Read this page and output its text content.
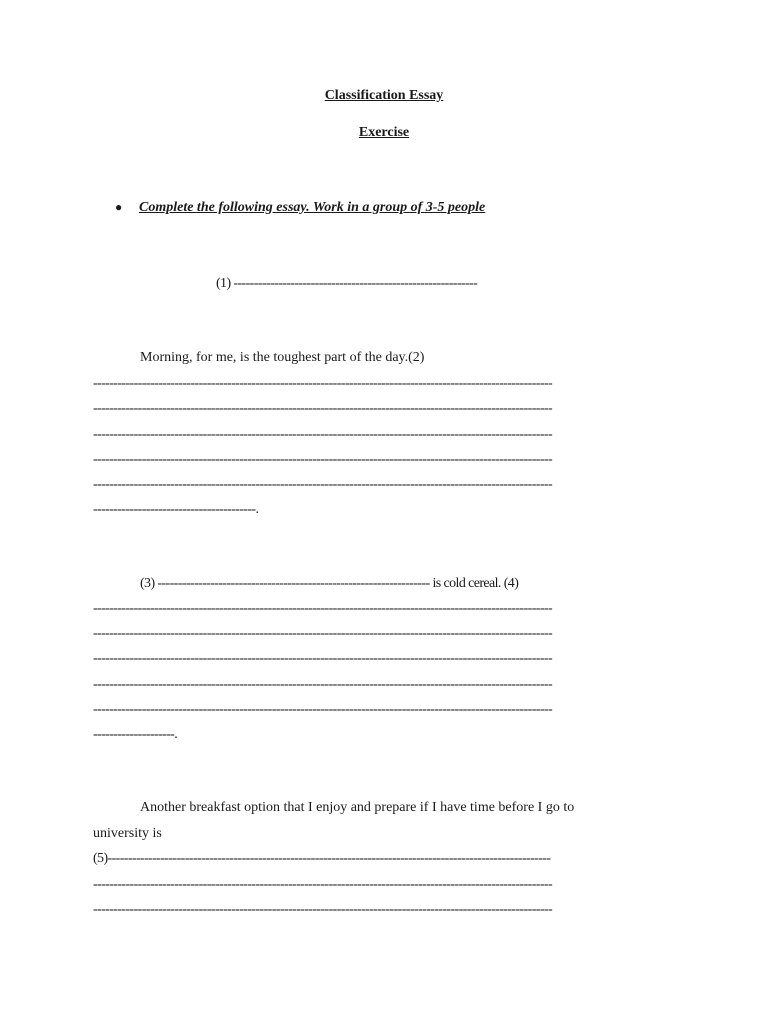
Classification Essay
Exercise
● Complete the following essay. Work in a group of 3-5 people
(1) ------------------------------------------------------------
Morning, for me, is the toughest part of the day.(2)
-----------------------------------------------------------------------------------------------------------------
-----------------------------------------------------------------------------------------------------------------
-----------------------------------------------------------------------------------------------------------------
-----------------------------------------------------------------------------------------------------------------
-----------------------------------------------------------------------------------------------------------------
----------------------------------------.
(3) ------------------------------------------------------------------- is cold cereal. (4)
-----------------------------------------------------------------------------------------------------------------
-----------------------------------------------------------------------------------------------------------------
-----------------------------------------------------------------------------------------------------------------
-----------------------------------------------------------------------------------------------------------------
-----------------------------------------------------------------------------------------------------------------
--------------------.
Another breakfast option that I enjoy and prepare if I have time before I go to
university is
(5)-------------------------------------------------------------------------------------------------------------
-----------------------------------------------------------------------------------------------------------------
-----------------------------------------------------------------------------------------------------------------
